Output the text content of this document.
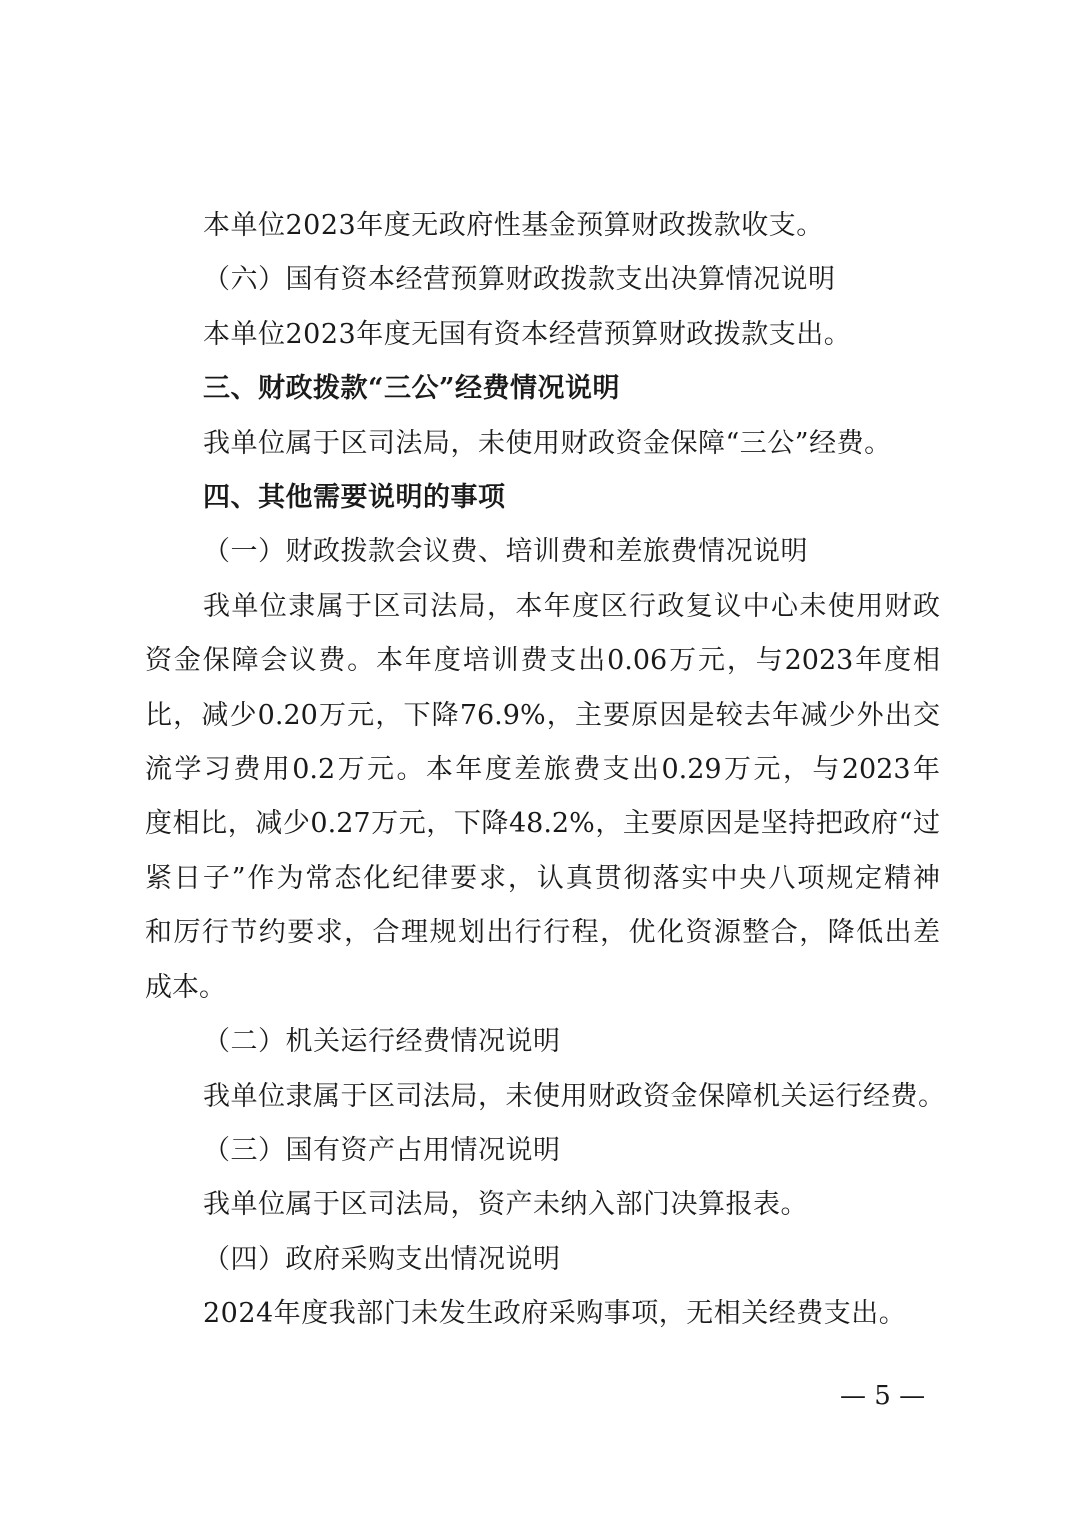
本单位2023年度无政府性基金预算财政拨款收支。
（六）国有资本经营预算财政拨款支出决算情况说明
本单位2023年度无国有资本经营预算财政拨款支出。
三、财政拨款“三公”经费情况说明
我单位属于区司法局，未使用财政资金保障“三公”经费。
四、其他需要说明的事项
（一）财政拨款会议费、培训费和差旅费情况说明
我单位隶属于区司法局，本年度区行政复议中心未使用财政
资金保障会议费。本年度培训费支出0.06万元，与2023年度相
比，减少0.20万元，下降76.9%，主要原因是较去年减少外出交
流学习费用0.2万元。本年度差旅费支出0.29万元，与2023年
度相比，减少0.27万元，下降48.2%，主要原因是坚持把政府“过
紧日子”作为常态化纪律要求，认真贯彻落实中央八项规定精神
和厉行节约要求，合理规划出行行程，优化资源整合，降低出差
成本。
（二）机关运行经费情况说明
我单位隶属于区司法局，未使用财政资金保障机关运行经费。
（三）国有资产占用情况说明
我单位属于区司法局，资产未纳入部门决算报表。
（四）政府采购支出情况说明
2024年度我部门未发生政府采购事项，无相关经费支出。
— 5 —
